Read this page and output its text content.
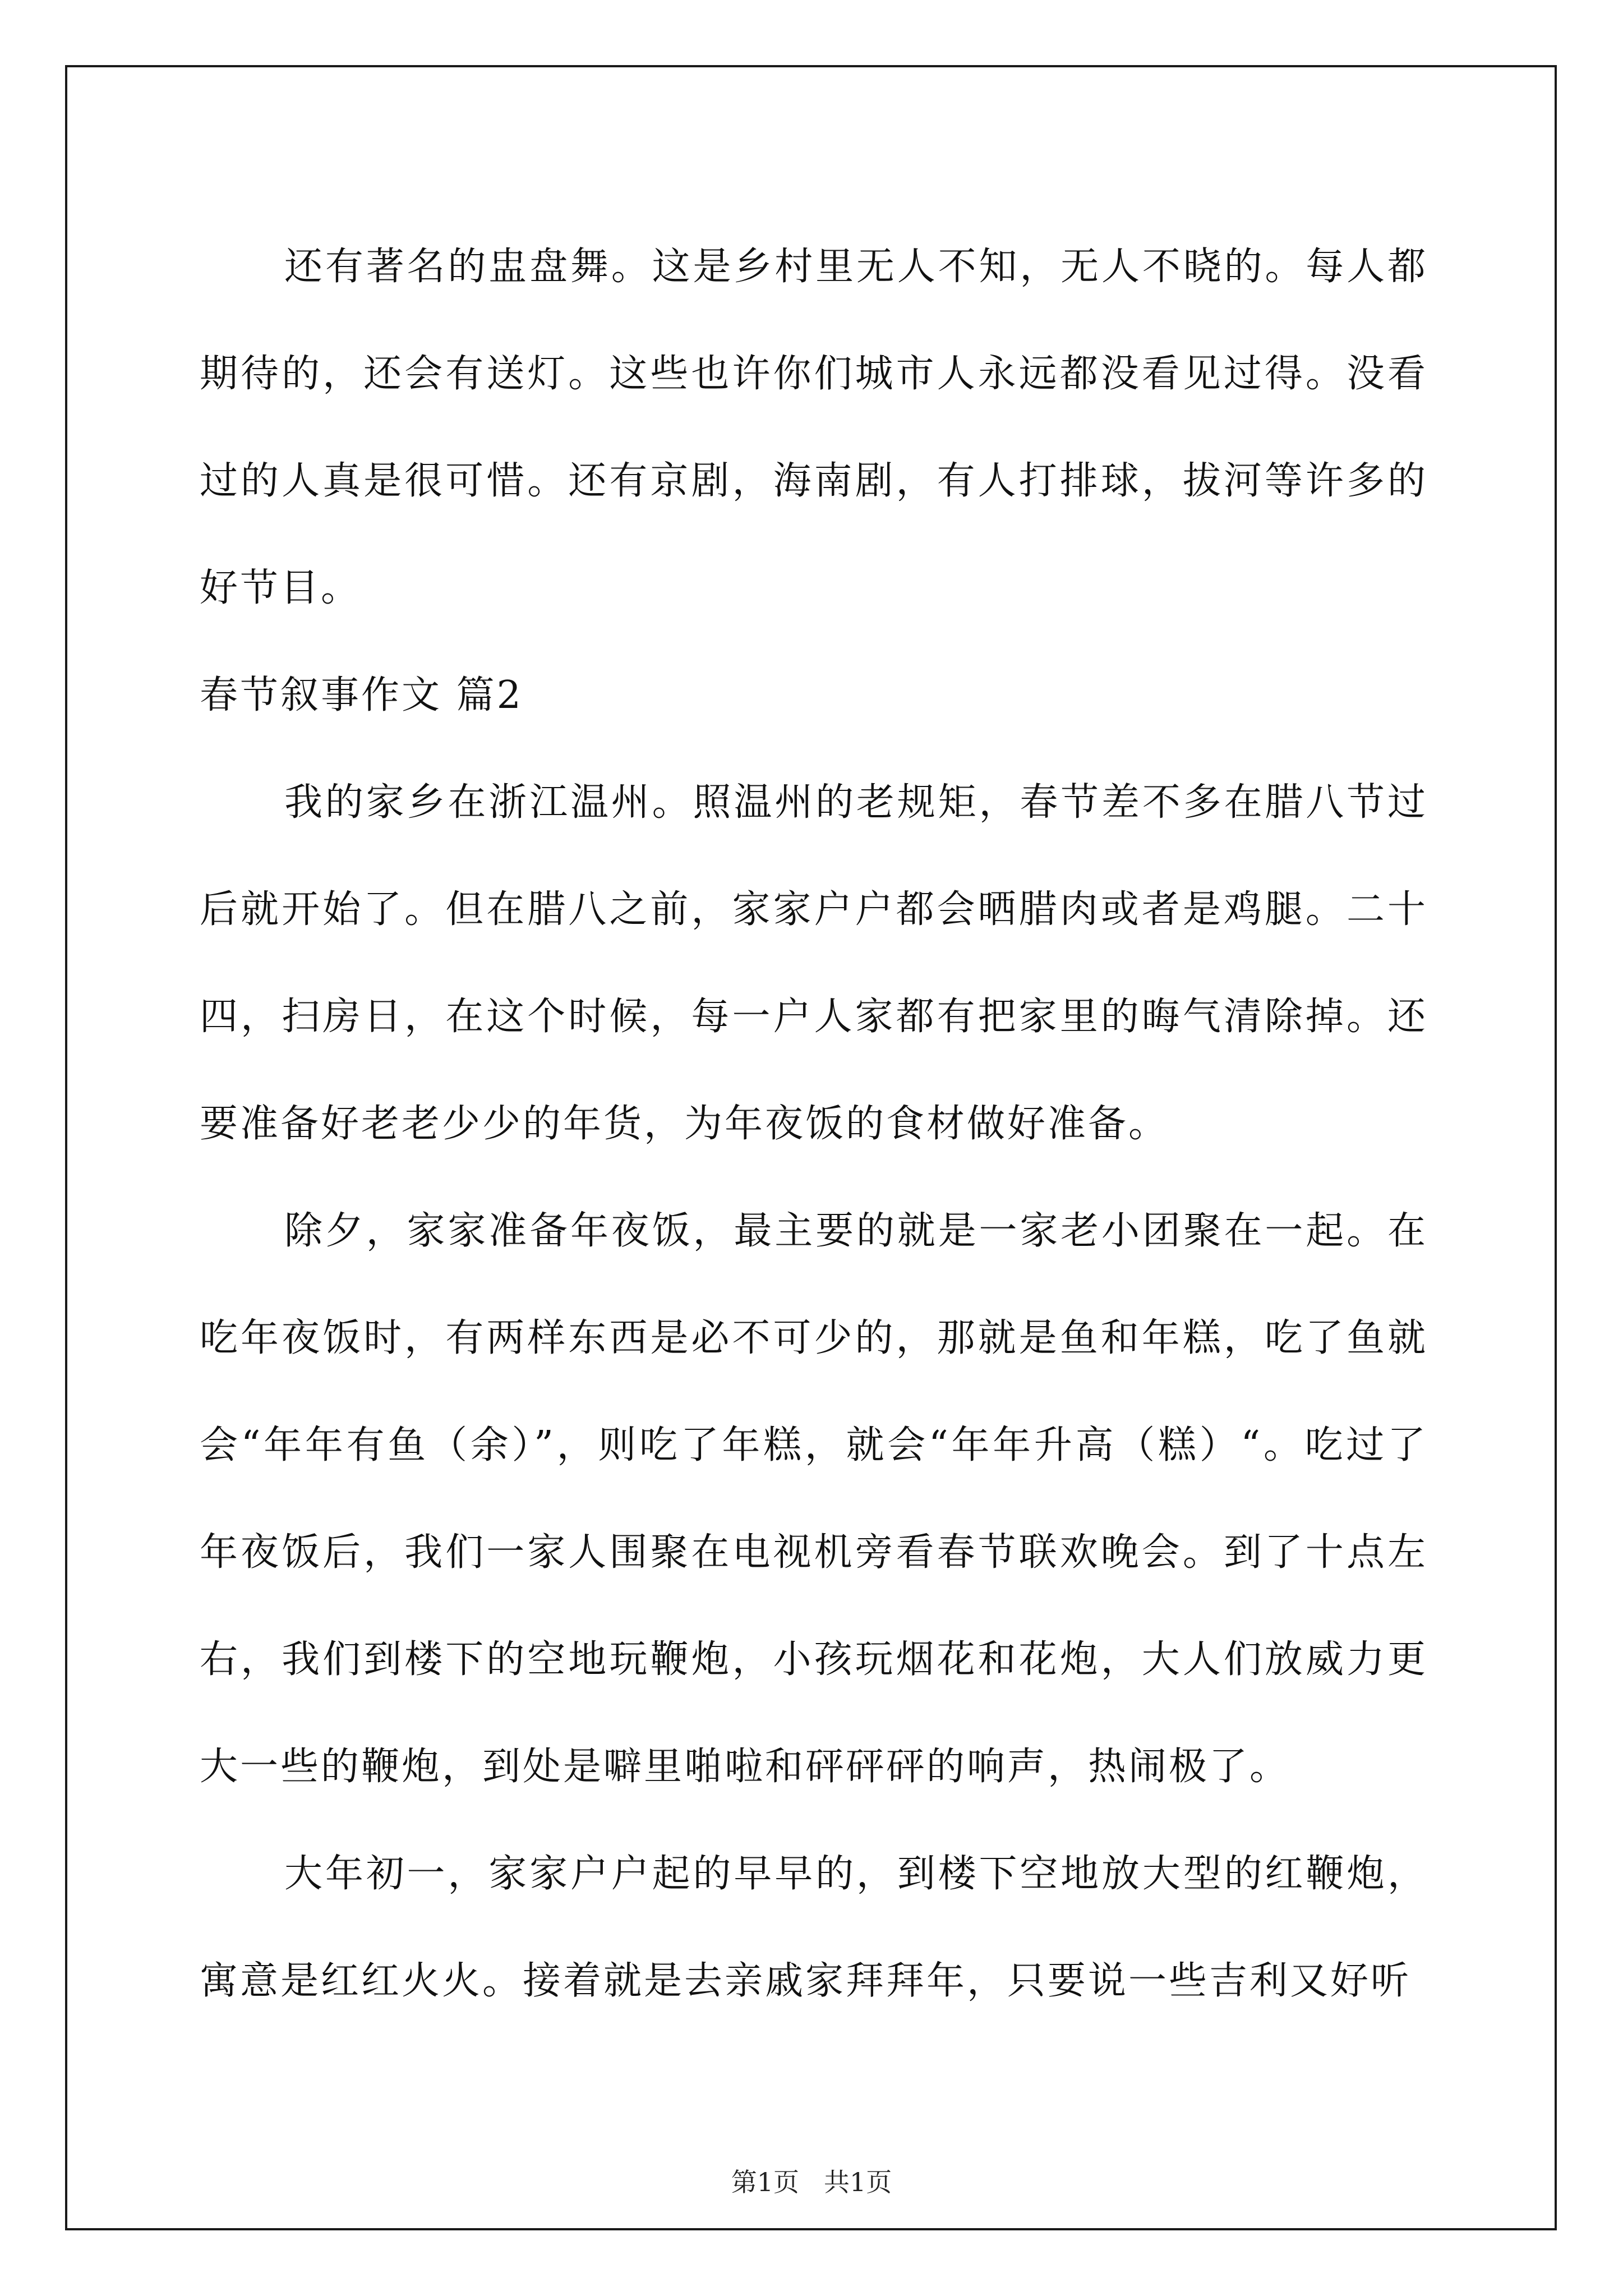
还有著名的盅盘舞。这是乡村里无人不知，无人不晓的。每人都期待的，还会有送灯。这些也许你们城市人永远都没看见过得。没看过的人真是很可惜。还有京剧，海南剧，有人打排球，拔河等许多的好节目。

春节叙事作文 篇2

我的家乡在浙江温州。照温州的老规矩，春节差不多在腊八节过后就开始了。但在腊八之前，家家户户都会晒腊肉或者是鸡腿。二十四，扫房日，在这个时候，每一户人家都有把家里的晦气清除掉。还要准备好老老少少的年货，为年夜饭的食材做好准备。

除夕，家家准备年夜饭，最主要的就是一家老小团聚在一起。在吃年夜饭时，有两样东西是必不可少的，那就是鱼和年糕，吃了鱼就会“年年有鱼（余）”，则吃了年糕，就会“年年升高（糕）“。吃过了年夜饭后，我们一家人围聚在电视机旁看春节联欢晚会。到了十点左右，我们到楼下的空地玩鞭炮，小孩玩烟花和花炮，大人们放威力更大一些的鞭炮，到处是噼里啪啦和砰砰砰的响声，热闹极了。

大年初一，家家户户起的早早的，到楼下空地放大型的红鞭炮，寓意是红红火火。接着就是去亲戚家拜拜年，只要说一些吉利又好听

第1页 共1页
